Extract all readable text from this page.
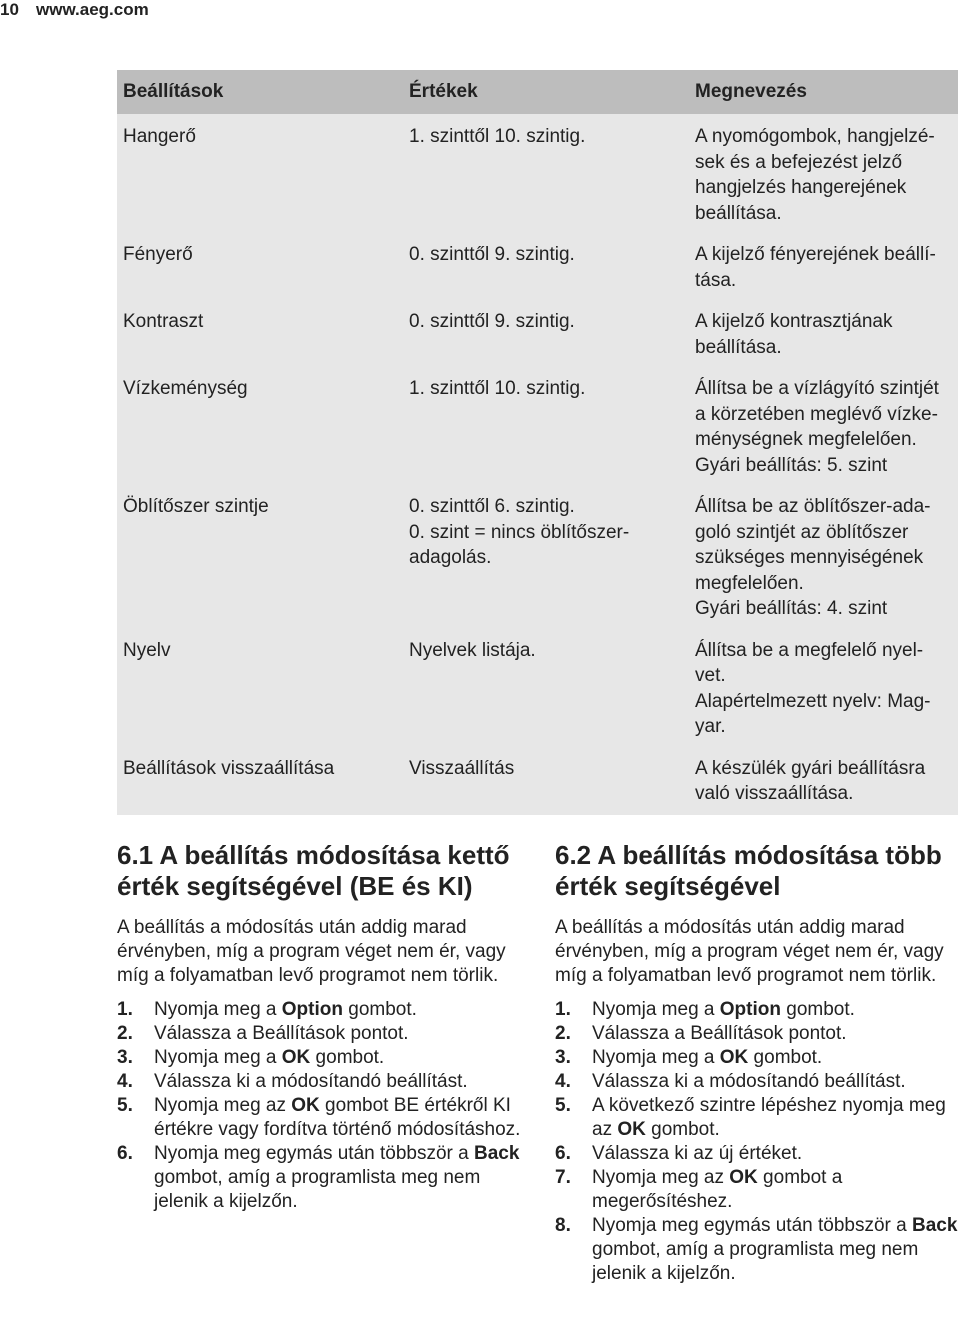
10 www.aeg.com
Beállítások	Értékek	Megnevezés
Hangerő	1. szinttől 10. szintig.	A nyomógombok, hangjelzé-
sek és a befejezést jelző
hangjelzés hangerejének
beállítása.
Fényerő	0. szinttől 9. szintig.	A kijelző fényerejének beállí-
tása.
Kontraszt	0. szinttől 9. szintig.	A kijelző kontrasztjának
beállítása.
Vízkeménység	1. szinttől 10. szintig.	Állítsa be a vízlágyító szintjét
a körzetében meglévő vízke-
ménységnek megfelelően.
Gyári beállítás: 5. szint
Öblítőszer szintje	0. szinttől 6. szintig.
0. szint = nincs öblítőszer-
adagolás.	Állítsa be az öblítőszer-ada-
goló szintjét az öblítőszer
szükséges mennyiségének
megfelelően.
Gyári beállítás: 4. szint
Nyelv	Nyelvek listája.	Állítsa be a megfelelő nyel-
vet.
Alapértelmezett nyelv: Mag-
yar.
Beállítások visszaállítása	Visszaállítás	A készülék gyári beállításra
való visszaállítása.
6.1 A beállítás módosítása kettő érték segítségével (BE és KI)

A beállítás a módosítás után addig marad érvényben, míg a program véget nem ér, vagy míg a folyamatban levő programot nem törlik.

1. Nyomja meg a Option gombot.
2. Válassza a Beállítások pontot.
3. Nyomja meg a OK gombot.
4. Válassza ki a módosítandó beállítást.
5. Nyomja meg az OK gombot BE értékről KI értékre vagy fordítva történő módosításhoz.
6. Nyomja meg egymás után többször a Back gombot, amíg a programlista meg nem jelenik a kijelzőn.
6.2 A beállítás módosítása több érték segítségével

A beállítás a módosítás után addig marad érvényben, míg a program véget nem ér, vagy míg a folyamatban levő programot nem törlik.

1. Nyomja meg a Option gombot.
2. Válassza a Beállítások pontot.
3. Nyomja meg a OK gombot.
4. Válassza ki a módosítandó beállítást.
5. A következő szintre lépéshez nyomja meg az OK gombot.
6. Válassza ki az új értéket.
7. Nyomja meg az OK gombot a megerősítéshez.
8. Nyomja meg egymás után többször a Back gombot, amíg a programlista meg nem jelenik a kijelzőn.
